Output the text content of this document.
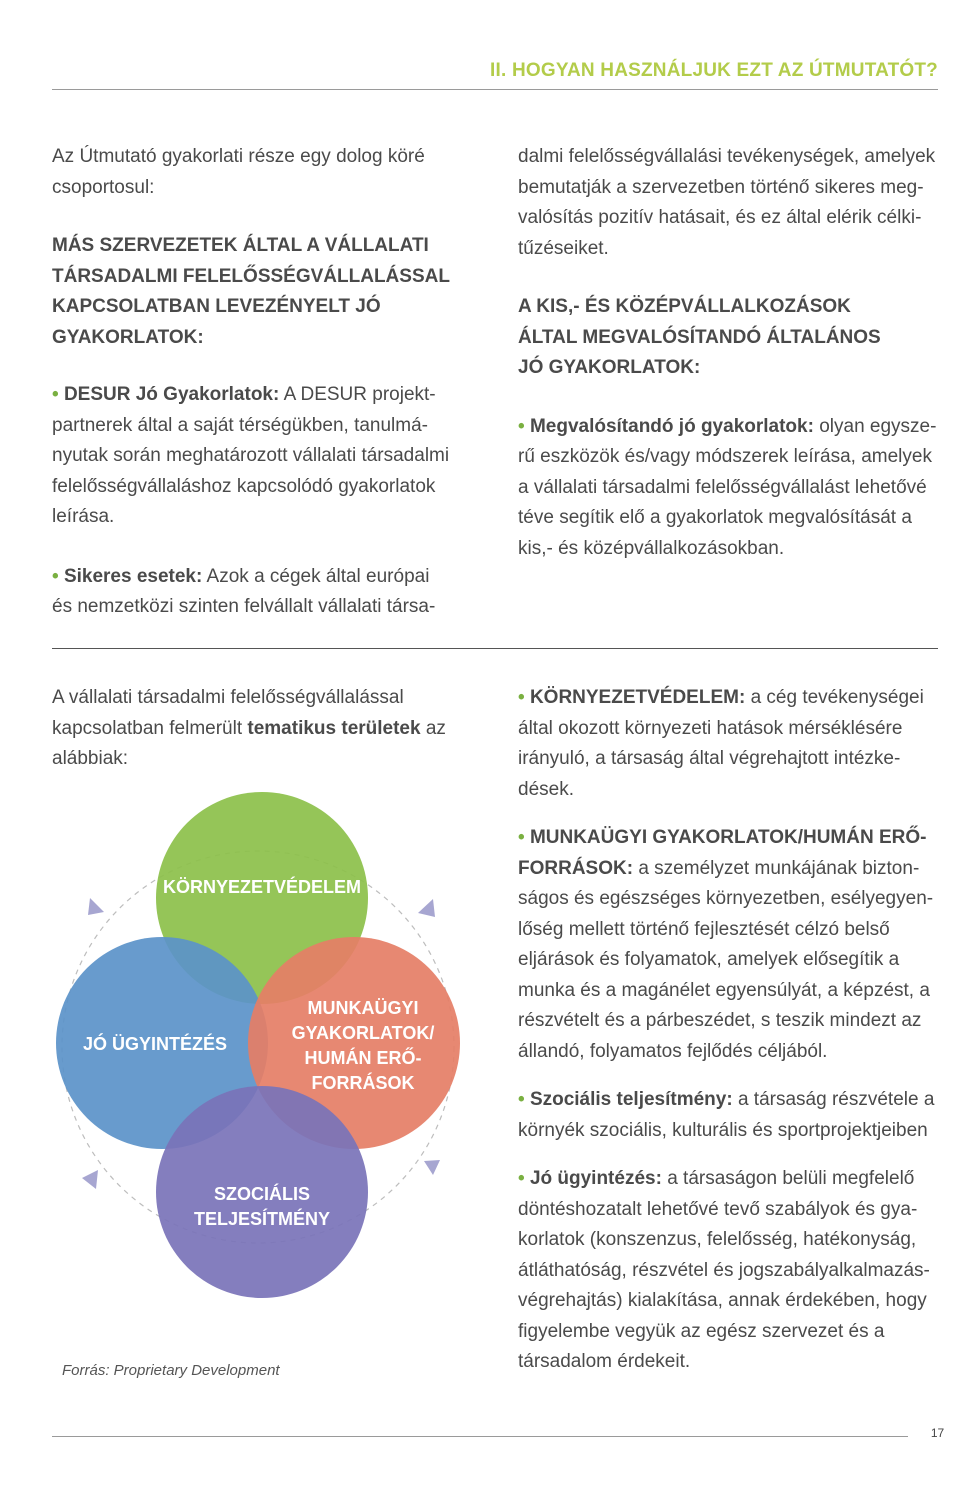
II. HOGYAN HASZNÁLJUK EZT AZ ÚTMUTATÓT?

Az Útmutató gyakorlati része egy dolog köré csoportosul:

MÁS SZERVEZETEK ÁLTAL A VÁLLALATI
TÁRSADALMI FELELŐSSÉGVÁLLALÁSSAL
KAPCSOLATBAN LEVEZÉNYELT JÓ GYAKORLATOK:

• DESUR Jó Gyakorlatok: A DESUR projektpartnerek által a saját térségükben, tanulmányutak során meghatározott vállalati társadalmi felelősségvállaláshoz kapcsolódó gyakorlatok leírása.

• Sikeres esetek: Azok a cégek által európai és nemzetközi szinten felvállalt vállalati társa-

dalmi felelősségvállalási tevékenységek, amelyek bemutatják a szervezetben történő sikeres megvalósítás pozitív hatásait, és ez által elérik célkitűzéseiket.

A KIS,- ÉS KÖZÉPVÁLLALKOZÁSOK
ÁLTAL MEGVALÓSÍTANDÓ ÁLTALÁNOS
JÓ GYAKORLATOK:

• Megvalósítandó jó gyakorlatok: olyan egyszerű eszközök és/vagy módszerek leírása, amelyek a vállalati társadalmi felelősségvállalást lehetővé téve segítik elő a gyakorlatok megvalósítását a kis,- és középvállalkozásokban.

A vállalati társadalmi felelősségvállalással kapcsolatban felmerült tematikus területek az alábbiak:

KÖRNYEZETVÉDELEM
JÓ ÜGYINTÉZÉS
MUNKAÜGYI
GYAKORLATOK/
HUMÁN ERŐ-
FORRÁSOK
SZOCIÁLIS
TELJESÍTMÉNY
Forrás: Proprietary Development

• KÖRNYEZETVÉDELEM: a cég tevékenységei által okozott környezeti hatások mérséklésére irányuló, a társaság által végrehajtott intézkedések.

• MUNKAÜGYI GYAKORLATOK/HUMÁN ERŐFORRÁSOK: a személyzet munkájának biztonságos és egészséges környezetben, esélyegyenlőség mellett történő fejlesztését célzó belső eljárások és folyamatok, amelyek elősegítik a munka és a magánélet egyensúlyát, a képzést, a részvételt és a párbeszédet, s teszik mindezt az állandó, folyamatos fejlődés céljából.

• Szociális teljesítmény: a társaság részvétele a környék szociális, kulturális és sportprojektjeiben

• Jó ügyintézés: a társaságon belüli megfelelő döntéshozatalt lehetővé tevő szabályok és gyakorlatok (konszenzus, felelősség, hatékonyság, átláthatóság, részvétel és jogszabályalkalmazás-végrehajtás) kialakítása, annak érdekében, hogy figyelembe vegyük az egész szervezet és a társadalom érdekeit.

17
